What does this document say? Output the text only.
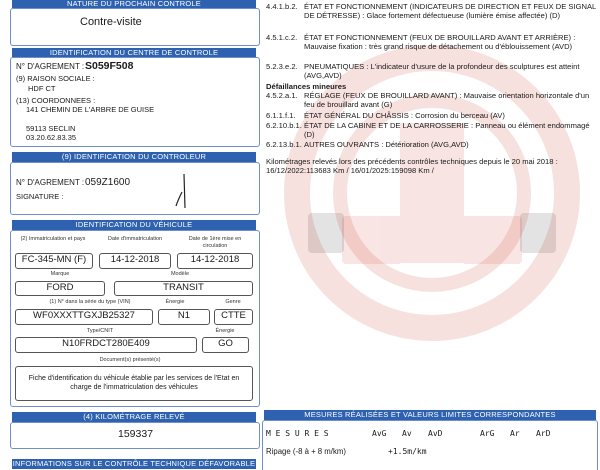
NATURE DU PROCHAIN CONTROLE
Contre-visite
IDENTIFICATION DU CENTRE DE CONTROLE
N° D'AGREMENT : S059F508
(9) RAISON SOCIALE :
HDF CT
(13) COORDONNEES :
141 CHEMIN DE L'ARBRE DE GUISE
59113 SECLIN
03.20.62.83.35
(9) IDENTIFICATION DU CONTROLEUR
N° D'AGREMENT : 059Z1600
SIGNATURE :
IDENTIFICATION DU VÉHICULE
(2) Immatriculation et pays	Date d'immatriculation	Date de 1ère mise en circulation
FC-345-MN (F)	14-12-2018	14-12-2018
Marque	Modèle
FORD	TRANSIT
(1) N° dans la série du type (VIN)	Énergie	Genre
WF0XXXTTGXJB25327	N1	CTTE
Type/CNIT	Énergie
N10FRDCT280E409	GO
Document(s) présenté(s)
Fiche d'identification du véhicule établie par les services de l'Etat en charge de l'immatriculation des véhicules
(4) KILOMÉTRAGE RELEVÉ
159337
INFORMATIONS SUR LE CONTRÔLE TECHNIQUE DÉFAVORABLE
4.4.1.b.2. ÉTAT ET FONCTIONNEMENT (INDICATEURS DE DIRECTION ET FEUX DE SIGNAL DE DÉTRESSE) : Glace fortement défectueuse (lumière émise affectée) (D)
4.5.1.c.2. ÉTAT ET FONCTIONNEMENT (FEUX DE BROUILLARD AVANT ET ARRIÈRE) : Mauvaise fixation : très grand risque de détachement ou d'éblouissement (AVD)
5.2.3.e.2. PNEUMATIQUES : L'indicateur d'usure de la profondeur des sculptures est atteint (AVG,AVD)
Défaillances mineures
4.5.2.a.1. RÉGLAGE (FEUX DE BROUILLARD AVANT) : Mauvaise orientation horizontale d'un feu de brouillard avant (G)
6.1.1.f.1. ÉTAT GÉNÉRAL DU CHÂSSIS : Corrosion du berceau (AV)
6.2.10.b.1. ÉTAT DE LA CABINE ET DE LA CARROSSERIE : Panneau ou élément endommagé (D)
6.2.13.b.1. AUTRES OUVRANTS : Détérioration (AVG,AVD)
Kilométrages relevés lors des précédents contrôles techniques depuis le 20 mai 2018 : 16/12/2022:113683 Km / 16/01/2025:159098 Km /
MESURES RÉALISÉES ET VALEURS LIMITES CORRESPONDANTES
M E S U R E S	AvG Av AvD	ArG Ar ArD
Ripage (-8 à + 8 m/km)	+1.5m/km
